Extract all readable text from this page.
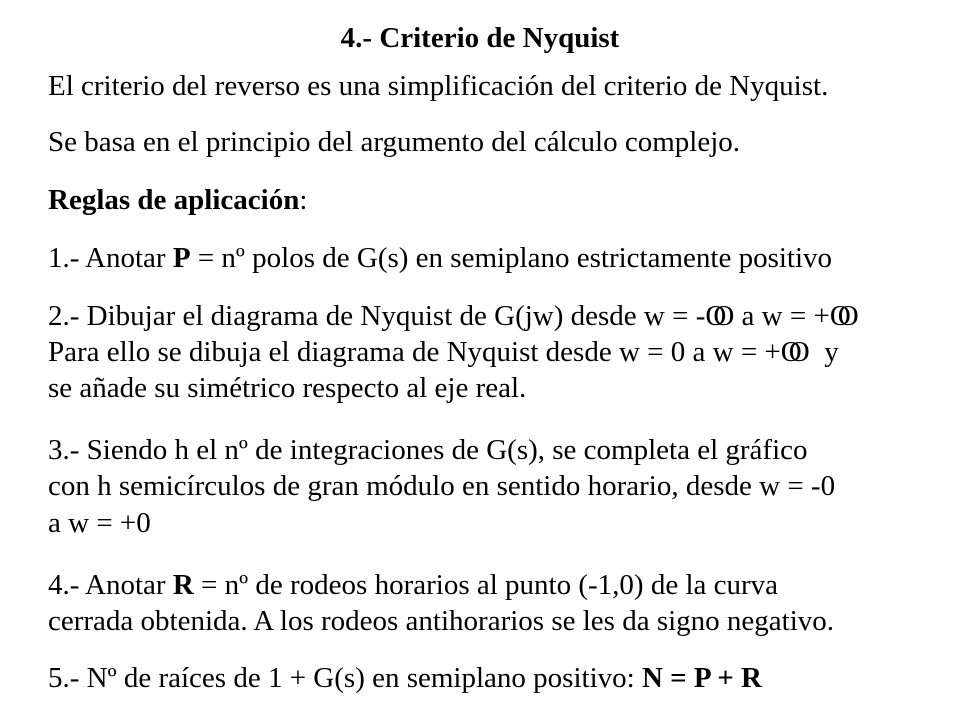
4.- Criterio de Nyquist
El criterio del reverso es una simplificación del criterio de Nyquist.
Se basa en el principio del argumento del cálculo complejo.
Reglas de aplicación:
1.- Anotar P = nº polos de G(s) en semiplano estrictamente positivo
2.- Dibujar el diagrama de Nyquist de G(jw) desde w = -OO a w = +OO
Para ello se dibuja el diagrama de Nyquist desde w = 0 a w = +OO  y
se añade su simétrico respecto al eje real.
3.- Siendo h el nº de integraciones de G(s), se completa el gráfico
con h semicírculos de gran módulo en sentido horario, desde w = -0
a w = +0
4.- Anotar R = nº de rodeos horarios al punto (-1,0) de la curva
cerrada obtenida. A los rodeos antihorarios se les da signo negativo.
5.- Nº de raíces de 1 + G(s) en semiplano positivo: N = P + R
